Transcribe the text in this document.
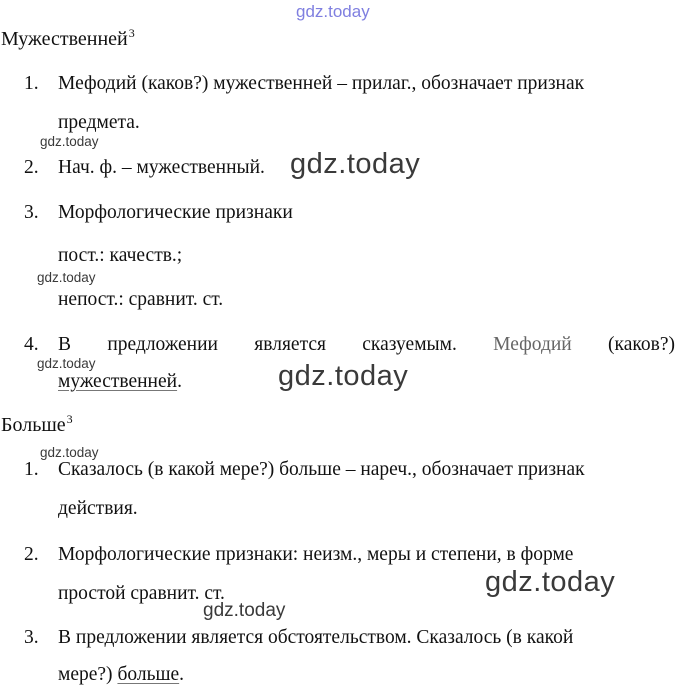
gdz.today
Мужественней$^3$
1. Мефодий (каков?) мужественней – прилаг., обозначает признак
предмета.
gdz.today
2. Нач. ф. – мужественный. gdz.today
3. Морфологические признаки
пост.: качеств.;
gdz.today
непост.: сравнит. ст.
4. В предложении является сказуемым. Мефодий (каков?)
gdz.today
мужественней.	gdz.today
Больше$^3$
gdz.today
1. Сказалось (в какой мере?) больше – нареч., обозначает признак
действия.
2. Морфологические признаки: неизм., меры и степени, в форме
простой сравнит. ст.	gdz.today
gdz.today
3. В предложении является обстоятельством. Сказалось (в какой
мере?) больше.
